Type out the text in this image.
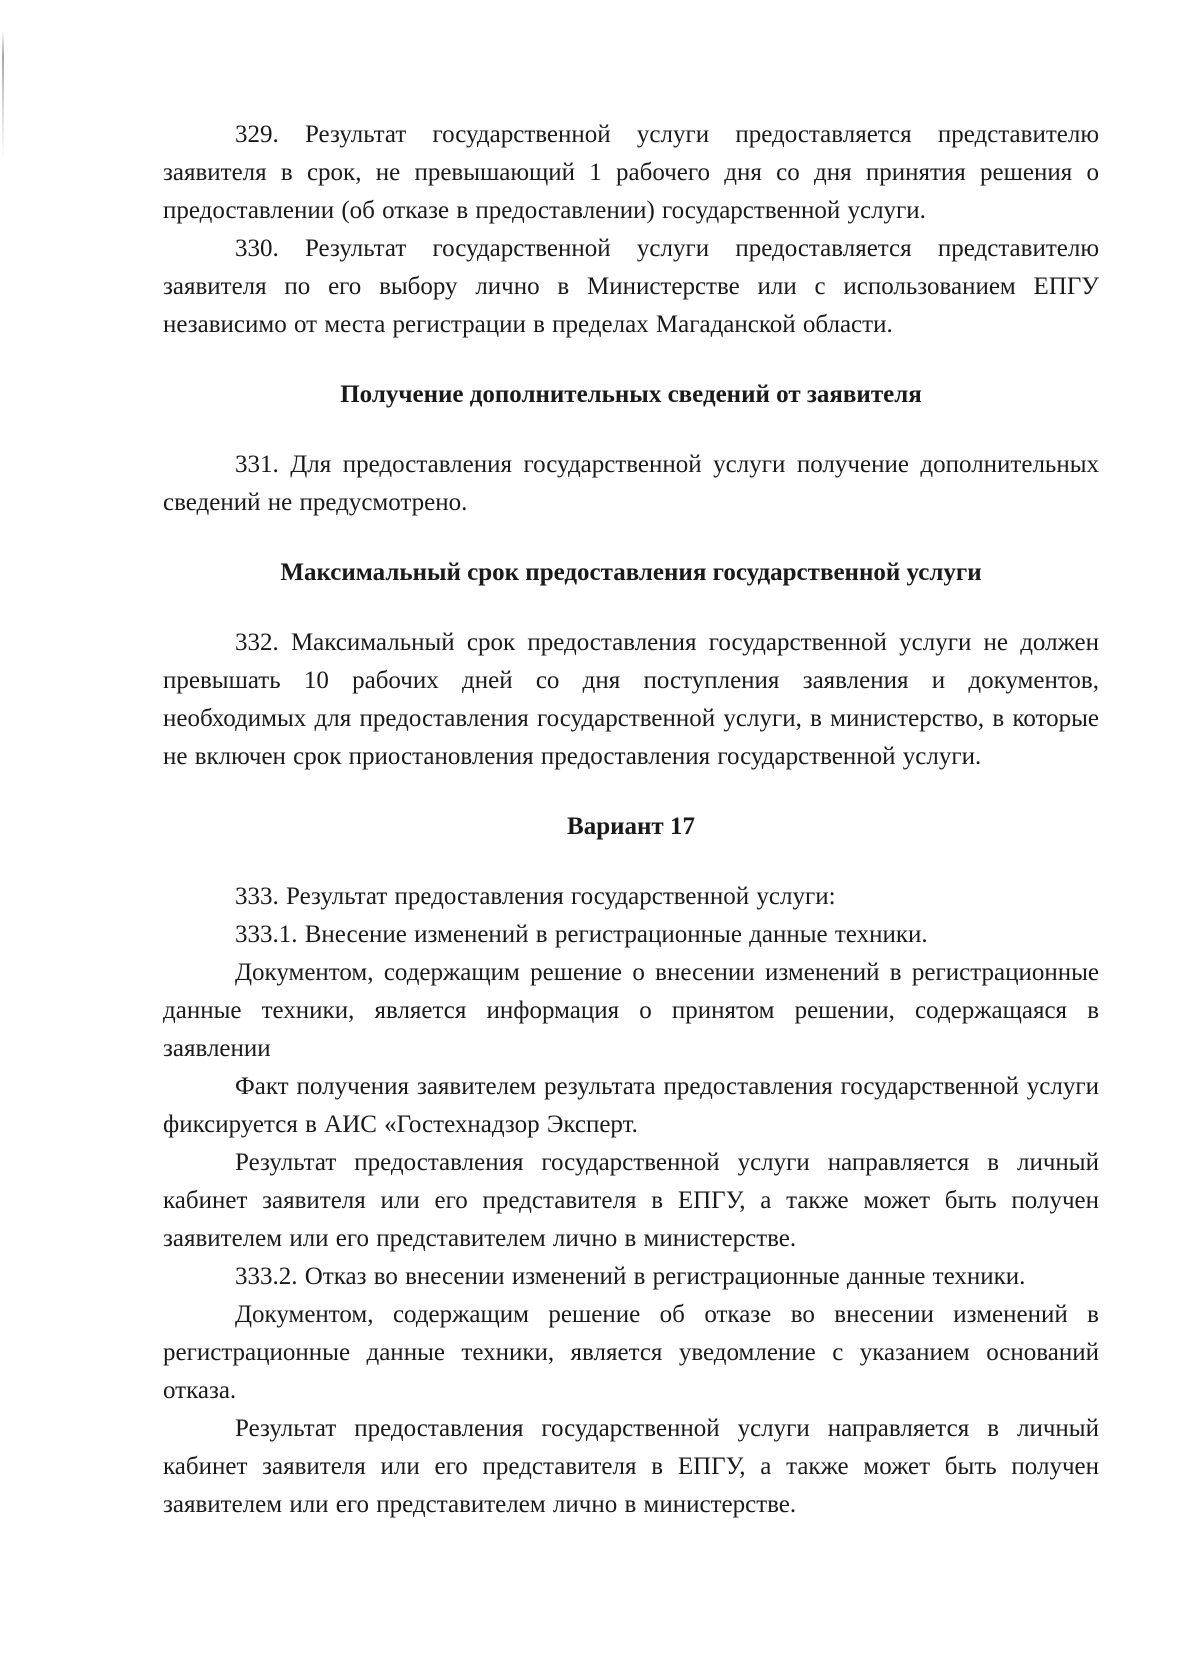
329. Результат государственной услуги предоставляется представителю заявителя в срок, не превышающий 1 рабочего дня со дня принятия решения о предоставлении (об отказе в предоставлении) государственной услуги.

330. Результат государственной услуги предоставляется представителю заявителя по его выбору лично в Министерстве или с использованием ЕПГУ независимо от места регистрации в пределах Магаданской области.

Получение дополнительных сведений от заявителя

331. Для предоставления государственной услуги получение дополнительных сведений не предусмотрено.

Максимальный срок предоставления государственной услуги

332. Максимальный срок предоставления государственной услуги не должен превышать 10 рабочих дней со дня поступления заявления и документов, необходимых для предоставления государственной услуги, в министерство, в которые не включен срок приостановления предоставления государственной услуги.

Вариант 17

333. Результат предоставления государственной услуги:

333.1. Внесение изменений в регистрационные данные техники.

Документом, содержащим решение о внесении изменений в регистрационные данные техники, является информация о принятом решении, содержащаяся в заявлении

Факт получения заявителем результата предоставления государственной услуги фиксируется в АИС «Гостехнадзор Эксперт.

Результат предоставления государственной услуги направляется в личный кабинет заявителя или его представителя в ЕПГУ, а также может быть получен заявителем или его представителем лично в министерстве.

333.2. Отказ во внесении изменений в регистрационные данные техники.

Документом, содержащим решение об отказе во внесении изменений в регистрационные данные техники, является уведомление с указанием оснований отказа.

Результат предоставления государственной услуги направляется в личный кабинет заявителя или его представителя в ЕПГУ, а также может быть получен заявителем или его представителем лично в министерстве.
